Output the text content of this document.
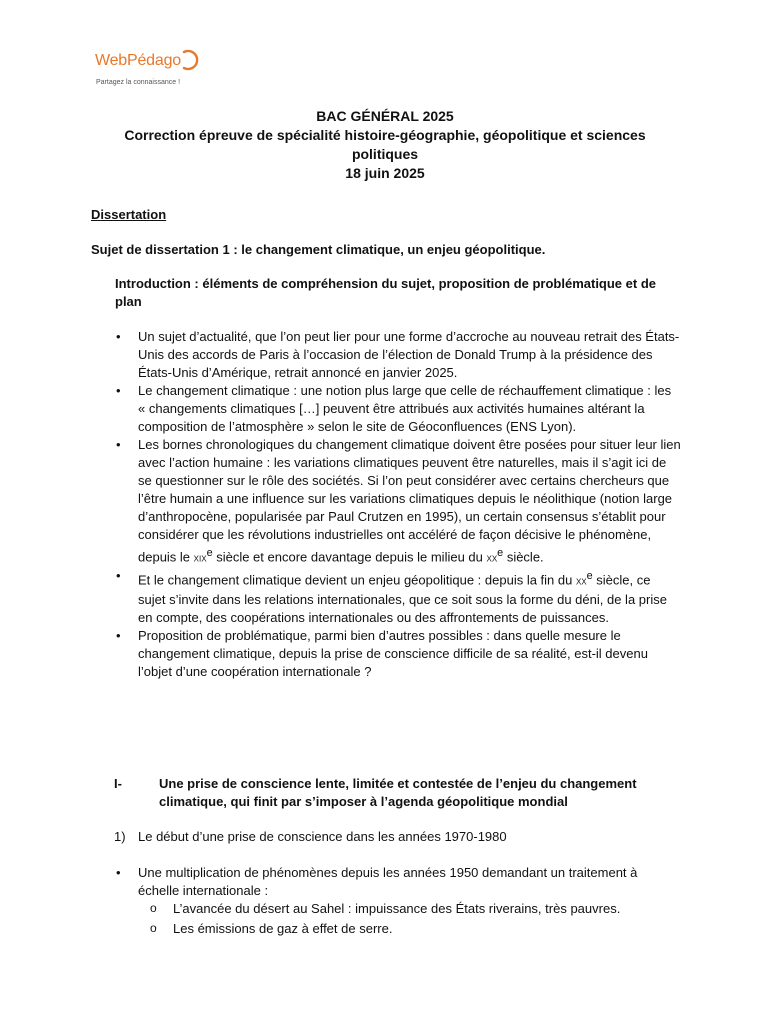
WebPédago
Partagez la connaissance !
BAC GÉNÉRAL 2025
Correction épreuve de spécialité histoire-géographie, géopolitique et sciences
politiques
18 juin 2025
Dissertation
Sujet de dissertation 1 : le changement climatique, un enjeu géopolitique.
Introduction : éléments de compréhension du sujet, proposition de problématique et de plan
• Un sujet d’actualité, que l’on peut lier pour une forme d’accroche au nouveau retrait des États-Unis des accords de Paris à l’occasion de l’élection de Donald Trump à la présidence des États-Unis d’Amérique, retrait annoncé en janvier 2025.
• Le changement climatique : une notion plus large que celle de réchauffement climatique : les « changements climatiques […] peuvent être attribués aux activités humaines altérant la composition de l’atmosphère » selon le site de Géoconfluences (ENS Lyon).
• Les bornes chronologiques du changement climatique doivent être posées pour situer leur lien avec l’action humaine : les variations climatiques peuvent être naturelles, mais il s’agit ici de se questionner sur le rôle des sociétés. Si l’on peut considérer avec certains chercheurs que l’être humain a une influence sur les variations climatiques depuis le néolithique (notion large d’anthropocène, popularisée par Paul Crutzen en 1995), un certain consensus s’établit pour considérer que les révolutions industrielles ont accéléré de façon décisive le phénomène, depuis le xix$^e$ siècle et encore davantage depuis le milieu du $xx^e$ siècle.
• Et le changement climatique devient un enjeu géopolitique : depuis la fin du $xx^e$ siècle, ce sujet s’invite dans les relations internationales, que ce soit sous la forme du déni, de la prise en compte, des coopérations internationales ou des affrontements de puissances.
• Proposition de problématique, parmi bien d’autres possibles : dans quelle mesure le changement climatique, depuis la prise de conscience difficile de sa réalité, est-il devenu l’objet d’une coopération internationale ?
I-	Une prise de conscience lente, limitée et contestée de l’enjeu du changement climatique, qui finit par s’imposer à l’agenda géopolitique mondial
1) Le début d’une prise de conscience dans les années 1970-1980
• Une multiplication de phénomènes depuis les années 1950 demandant un traitement à échelle internationale :
o L’avancée du désert au Sahel : impuissance des États riverains, très pauvres.
o Les émissions de gaz à effet de serre.
